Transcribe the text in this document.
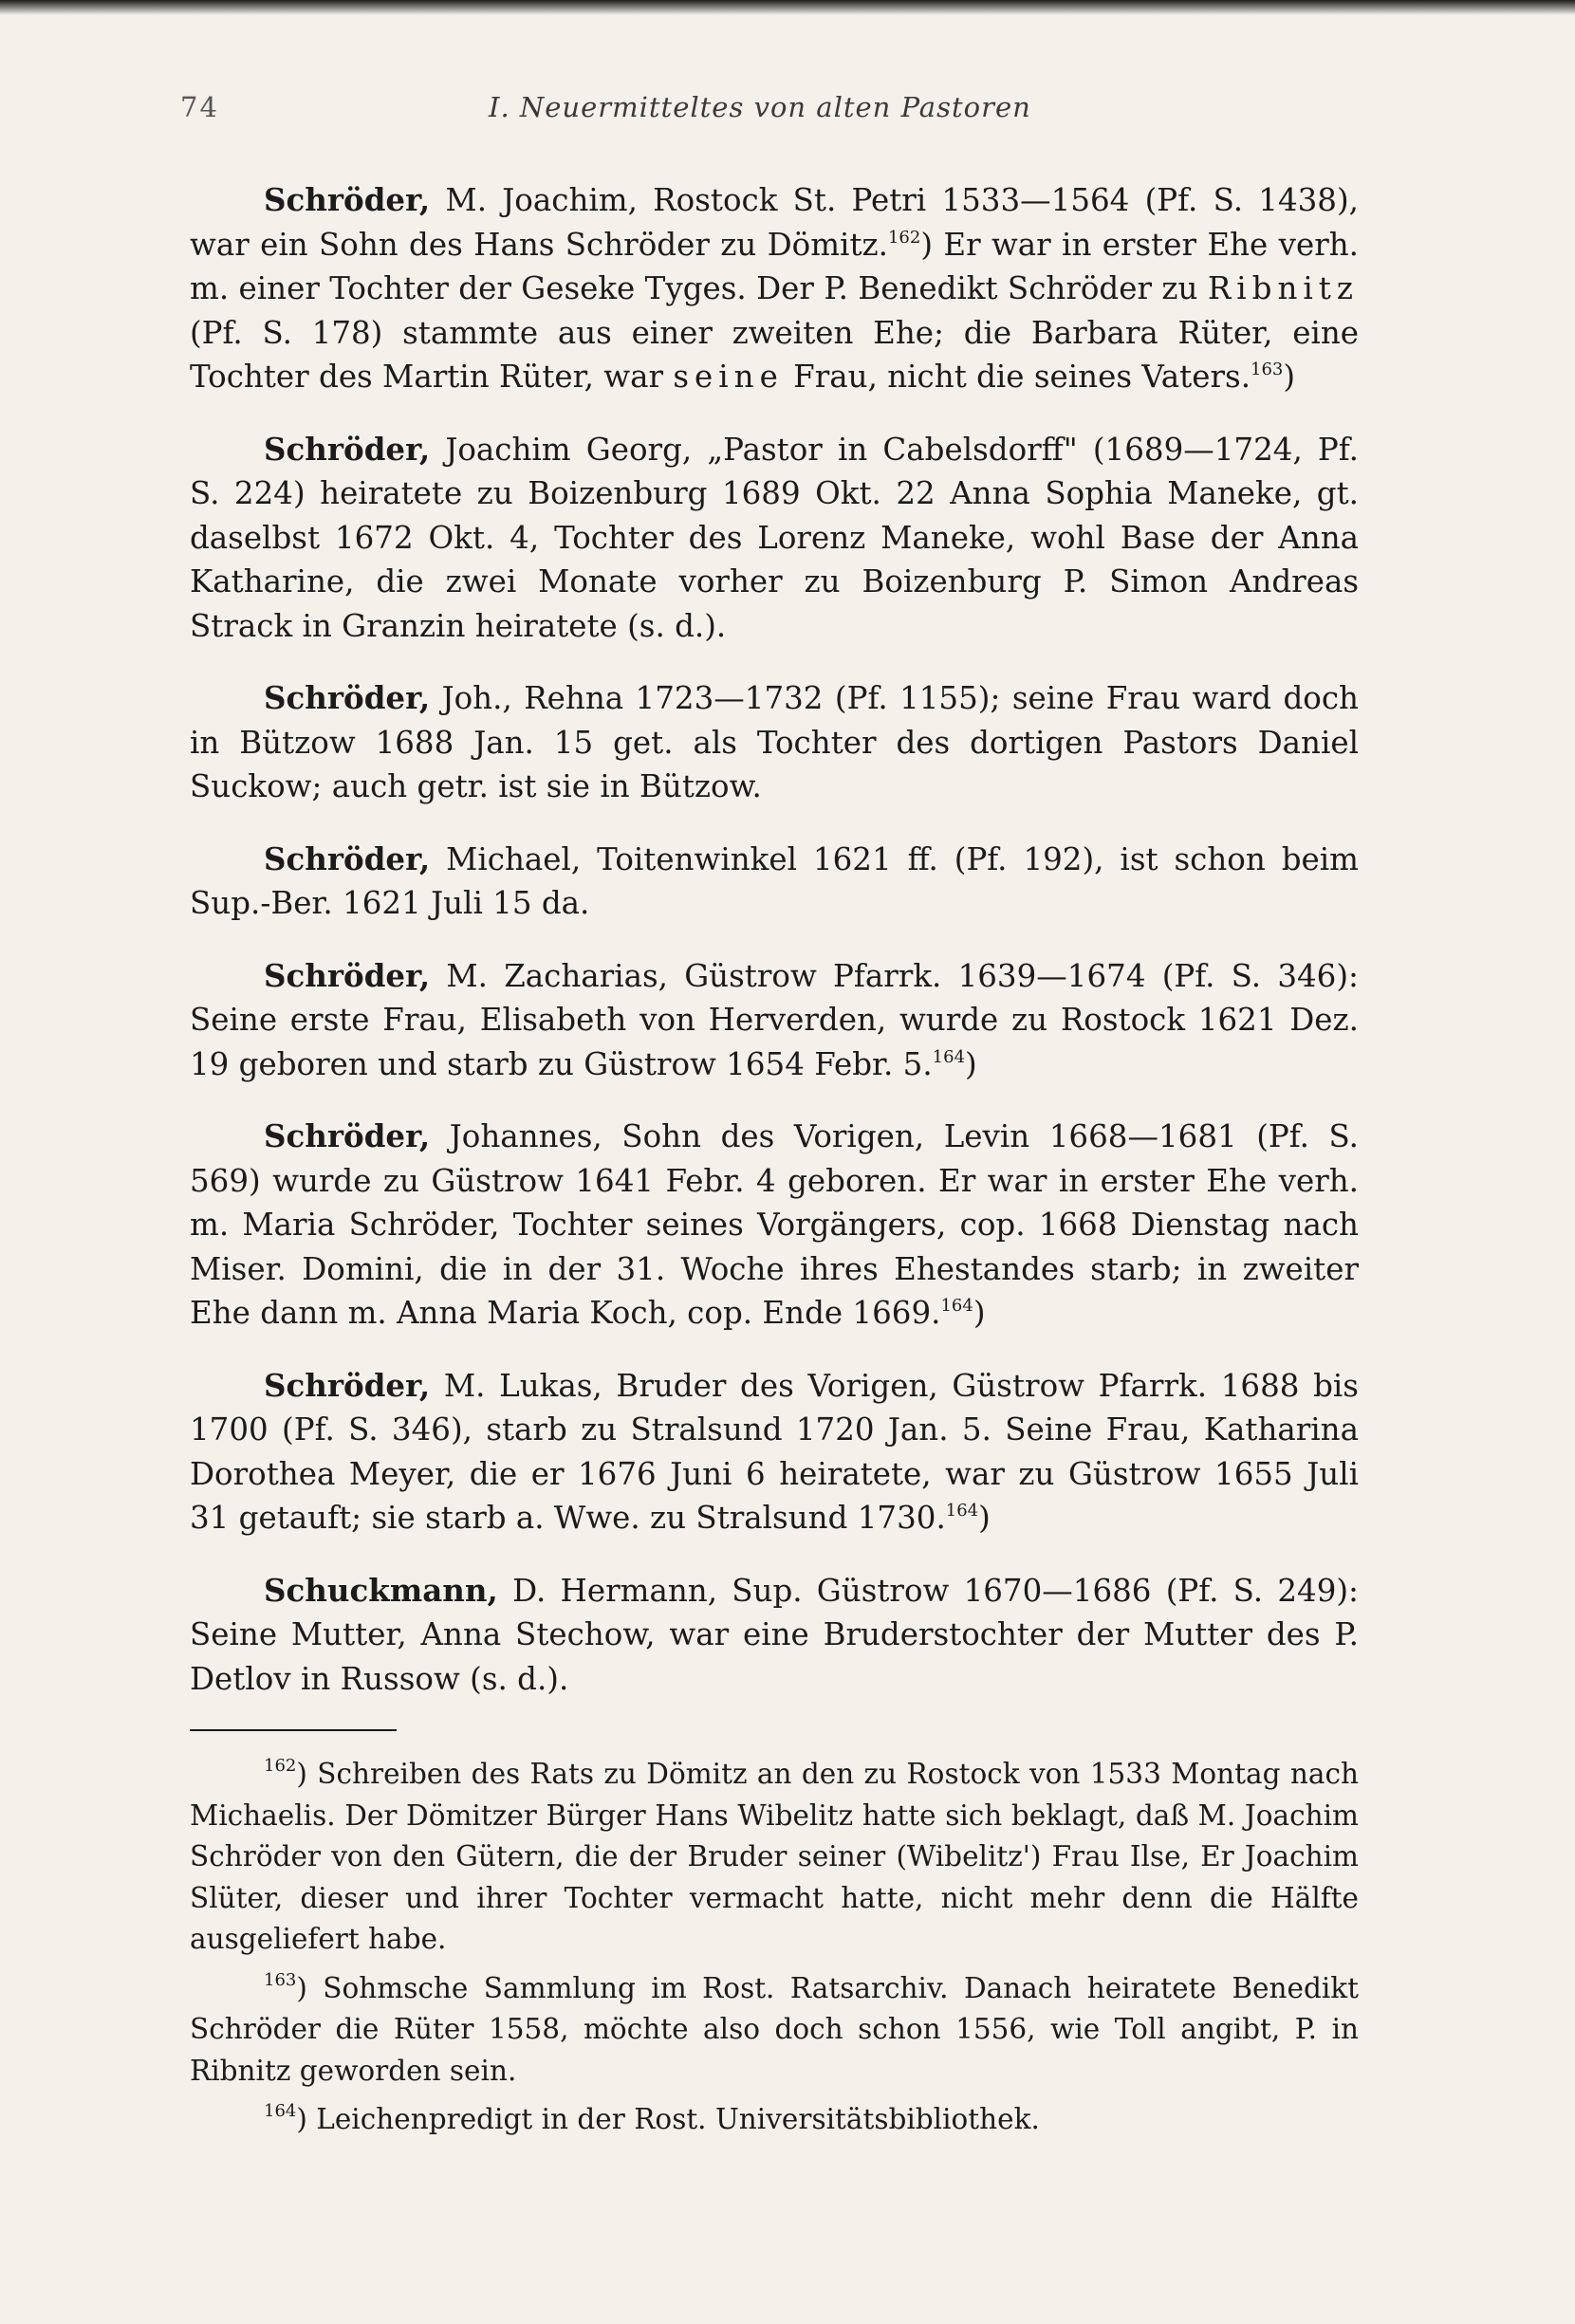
74	I. Neuermitteltes von alten Pastoren

Schröder, M. Joachim, Rostock St. Petri 1533—1564 (Pf. S. 1438), war ein Sohn des Hans Schröder zu Dömitz.$^{162}$) Er war in erster Ehe verh. m. einer Tochter der Geseke Tyges. Der P. Benedikt Schröder zu Ribnitz (Pf. S. 178) stammte aus einer zweiten Ehe; die Barbara Rüter, eine Tochter des Martin Rüter, war seine Frau, nicht die seines Vaters.$^{163}$)

Schröder, Joachim Georg, „Pastor in Cabelsdorff" (1689—1724, Pf. S. 224) heiratete zu Boizenburg 1689 Okt. 22 Anna Sophia Maneke, gt. daselbst 1672 Okt. 4, Tochter des Lorenz Maneke, wohl Base der Anna Katharine, die zwei Monate vorher zu Boizenburg P. Simon Andreas Strack in Granzin heiratete (s. d.).

Schröder, Joh., Rehna 1723—1732 (Pf. 1155); seine Frau ward doch in Bützow 1688 Jan. 15 get. als Tochter des dortigen Pastors Daniel Suckow; auch getr. ist sie in Bützow.

Schröder, Michael, Toitenwinkel 1621 ff. (Pf. 192), ist schon beim Sup.-Ber. 1621 Juli 15 da.

Schröder, M. Zacharias, Güstrow Pfarrk. 1639—1674 (Pf. S. 346): Seine erste Frau, Elisabeth von Herverden, wurde zu Rostock 1621 Dez. 19 geboren und starb zu Güstrow 1654 Febr. 5.$^{164}$)

Schröder, Johannes, Sohn des Vorigen, Levin 1668—1681 (Pf. S. 569) wurde zu Güstrow 1641 Febr. 4 geboren. Er war in erster Ehe verh. m. Maria Schröder, Tochter seines Vorgängers, cop. 1668 Dienstag nach Miser. Domini, die in der 31. Woche ihres Ehestandes starb; in zweiter Ehe dann m. Anna Maria Koch, cop. Ende 1669.$^{164}$)

Schröder, M. Lukas, Bruder des Vorigen, Güstrow Pfarrk. 1688 bis 1700 (Pf. S. 346), starb zu Stralsund 1720 Jan. 5. Seine Frau, Katharina Dorothea Meyer, die er 1676 Juni 6 heiratete, war zu Güstrow 1655 Juli 31 getauft; sie starb a. Wwe. zu Stralsund 1730.$^{164}$)

Schuckmann, D. Hermann, Sup. Güstrow 1670—1686 (Pf. S. 249): Seine Mutter, Anna Stechow, war eine Bruderstochter der Mutter des P. Detlov in Russow (s. d.).

$^{162}$) Schreiben des Rats zu Dömitz an den zu Rostock von 1533 Montag nach Michaelis. Der Dömitzer Bürger Hans Wibelitz hatte sich beklagt, daß M. Joachim Schröder von den Gütern, die der Bruder seiner (Wibelitz') Frau Ilse, Er Joachim Slüter, dieser und ihrer Tochter vermacht hatte, nicht mehr denn die Hälfte ausgeliefert habe.

$^{163}$) Sohmsche Sammlung im Rost. Ratsarchiv. Danach heiratete Benedikt Schröder die Rüter 1558, möchte also doch schon 1556, wie Toll angibt, P. in Ribnitz geworden sein.

$^{164}$) Leichenpredigt in der Rost. Universitätsbibliothek.
